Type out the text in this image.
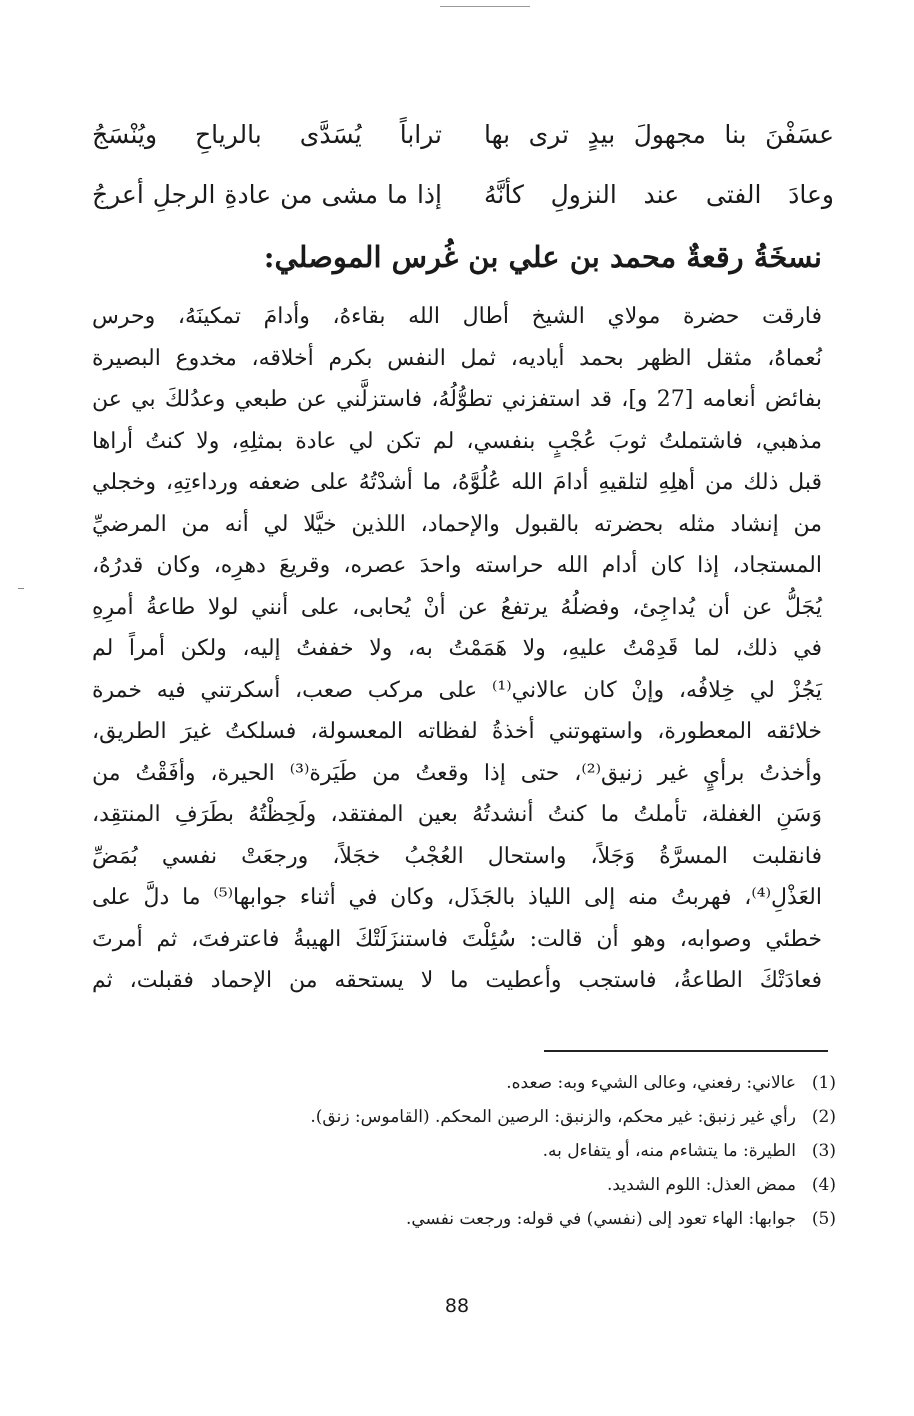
عسَفْنَ بنا مجهولَ بيدٍ ترى بها
تراباً يُسَدَّى بالرياحِ ويُنْسَجُ
وعادَ الفتى عند النزولِ كأنَّهُ
إذا ما مشى من عادةِ الرجلِ أعرجُ
نسخَةُ رقعةٌ محمد بن علي بن غُرس الموصلي:
فارقت حضرة مولاي الشيخ أطال الله بقاءهُ، وأدامَ تمكينَهُ، وحرس
نُعماهُ، مثقل الظهر بحمد أياديه، ثمل النفس بكرم أخلاقه، مخدوع البصيرة
بفائض أنعامه [27 و]، قد استفزني تطوُّلُهُ، فاستزلَّني عن طبعي وعدُلكَ بي عن
مذهبي، فاشتملتُ ثوبَ عُجْبٍ بنفسي، لم تكن لي عادة بمثلِهِ، ولا كنتُ أراها
قبل ذلك من أهلِهِ لتلقيهِ أدامَ الله عُلُوَّهُ، ما أشدْتُهُ على ضعفه ورداءتِهِ، وخجلي
من إنشاد مثله بحضرته بالقبول والإحماد، اللذين خيَّلا لي أنه من المرضيِّ
المستجاد، إذا كان أدام الله حراسته واحدَ عصره، وقريعَ دهرِه، وكان قدرُهُ،
يُجَلُّ عن أن يُداجِئ، وفضلُهُ يرتفعُ عن أنْ يُحابى، على أنني لولا طاعةُ أمرِهِ
في ذلك، لما قَدِمْتُ عليهِ، ولا هَمَمْتُ به، ولا خففتُ إليه، ولكن أمراً لم
يَجُزْ لي خِلافُه، وإنْ كان عالاني⁽¹⁾ على مركب صعب، أسكرتني فيه خمرة
خلائقه المعطورة، واستهوتني أخذةُ لفظاته المعسولة، فسلكتُ غيرَ الطريق،
وأخذتُ برأيٍ غير زنيق⁽²⁾، حتى إذا وقعتُ من طَيَرة⁽³⁾ الحيرة، وأفَقْتُ من
وَسَنِ الغفلة، تأملتُ ما كنتُ أنشدتُهُ بعين المفتقد، ولَحِظْتُهُ بطَرَفِ المنتقِد،
فانقلبت المسرَّةُ وَجَلاً، واستحال العُجْبُ خجَلاً، ورجعَتْ نفسي بُمَضِّ
العَذْلِ⁽⁴⁾، فهربتُ منه إلى اللياذ بالجَذَل، وكان في أثناء جوابها⁽⁵⁾ ما دلَّ على
خطئي وصوابه، وهو أن قالت: سُئِلْتَ فاستنزَلَتْكَ الهيبةُ فاعترفتَ، ثم أمرتَ
فعادَتْكَ الطاعةُ، فاستجب وأعطيت ما لا يستحقه من الإحماد فقبلت، ثم
(1)عالاني: رفعني، وعالى الشيء وبه: صعده.
(2)رأي غير زنبق: غير محكم، والزنبق: الرصين المحكم. (القاموس: زنق).
(3)الطيرة: ما يتشاءم منه، أو يتفاءل به.
(4)ممض العذل: اللوم الشديد.
(5)جوابها: الهاء تعود إلى (نفسي) في قوله: ورجعت نفسي.
88
